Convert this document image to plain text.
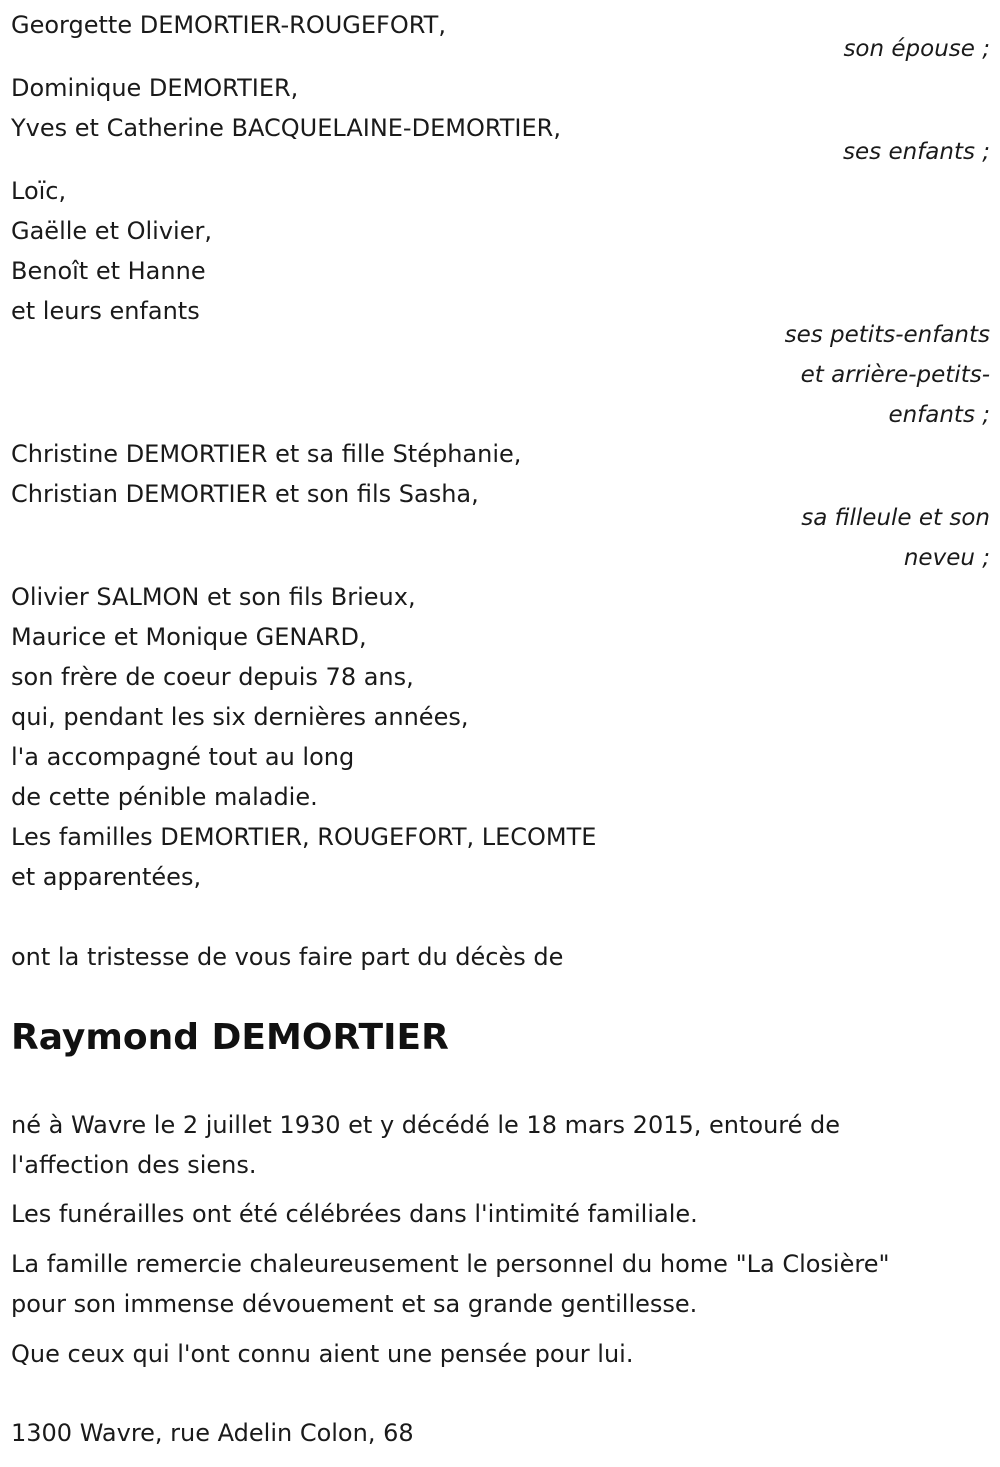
Georgette DEMORTIER-ROUGEFORT,
son épouse ;
Dominique DEMORTIER,
Yves et Catherine BACQUELAINE-DEMORTIER,
ses enfants ;
Loïc,
Gaëlle et Olivier,
Benoît et Hanne
et leurs enfants
ses petits-enfants
et arrière-petits-
enfants ;
Christine DEMORTIER et sa fille Stéphanie,
Christian DEMORTIER et son fils Sasha,
sa filleule et son
neveu ;
Olivier SALMON et son fils Brieux,
Maurice et Monique GENARD,
son frère de coeur depuis 78 ans,
qui, pendant les six dernières années,
l'a accompagné tout au long
de cette pénible maladie.
Les familles DEMORTIER, ROUGEFORT, LECOMTE
et apparentées,
ont la tristesse de vous faire part du décès de
Raymond DEMORTIER
né à Wavre le 2 juillet 1930 et y décédé le 18 mars 2015, entouré de
l'affection des siens.
Les funérailles ont été célébrées dans l'intimité familiale.
La famille remercie chaleureusement le personnel du home "La Closière"
pour son immense dévouement et sa grande gentillesse.
Que ceux qui l'ont connu aient une pensée pour lui.
1300 Wavre, rue Adelin Colon, 68
